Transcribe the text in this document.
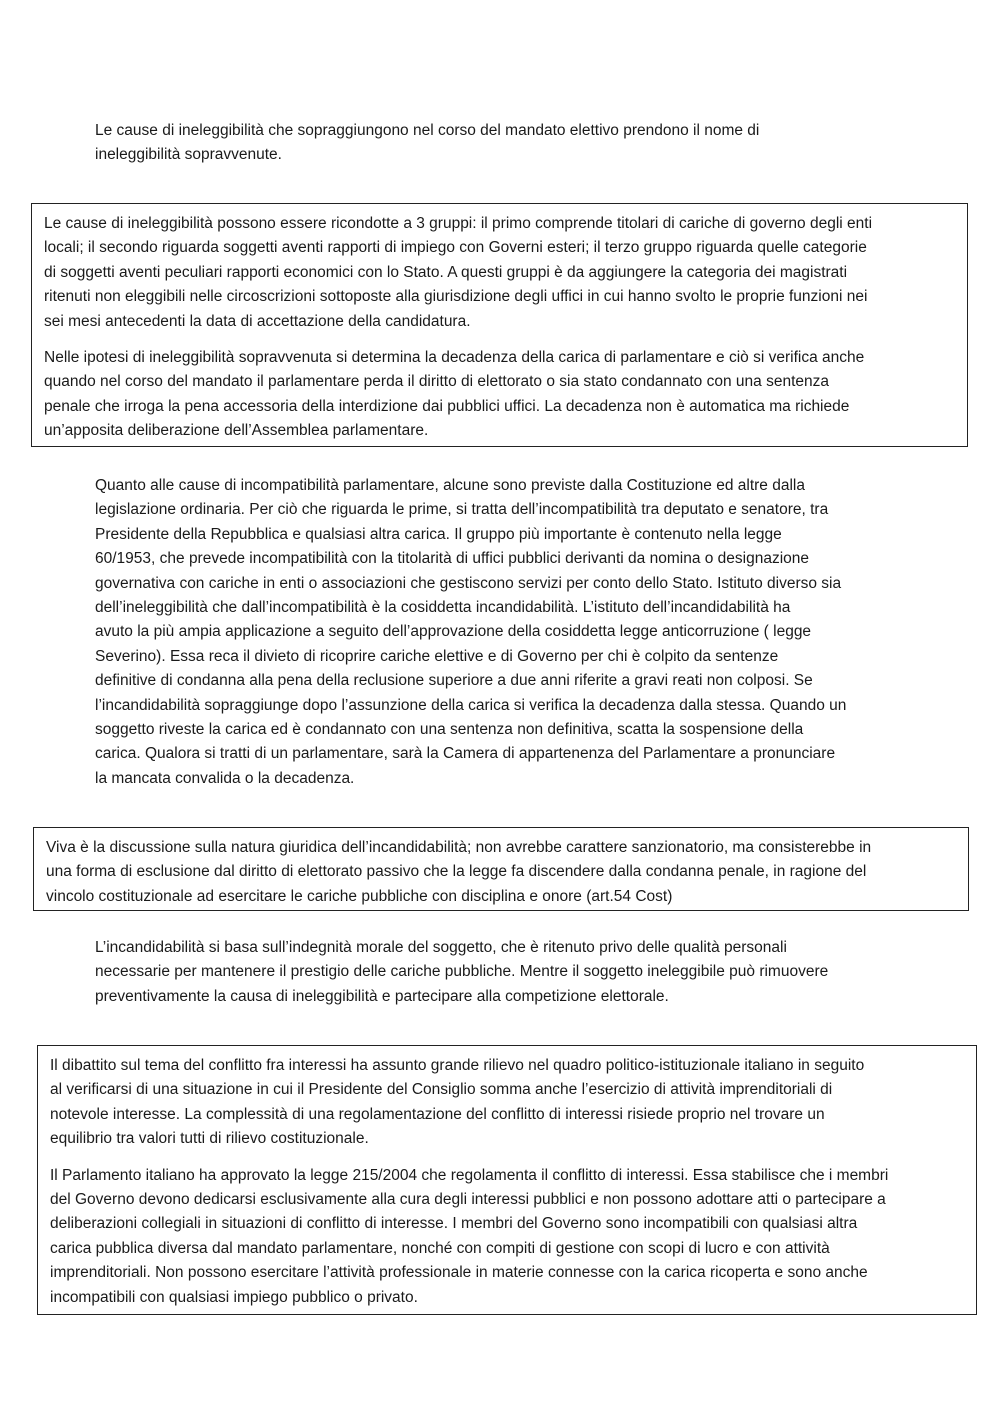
Le cause di ineleggibilità che sopraggiungono nel corso del mandato elettivo prendono il nome di
ineleggibilità sopravvenute.

Le cause di ineleggibilità possono essere ricondotte a 3 gruppi: il primo comprende titolari di cariche di governo degli enti
locali; il secondo riguarda soggetti aventi rapporti di impiego con Governi esteri; il terzo gruppo riguarda quelle categorie
di soggetti aventi peculiari rapporti economici con lo Stato. A questi gruppi è da aggiungere la categoria dei magistrati
ritenuti non eleggibili nelle circoscrizioni sottoposte alla giurisdizione degli uffici in cui hanno svolto le proprie funzioni nei
sei mesi antecedenti la data di accettazione della candidatura.

Nelle ipotesi di ineleggibilità sopravvenuta si determina la decadenza della carica di parlamentare e ciò si verifica anche
quando nel corso del mandato il parlamentare perda il diritto di elettorato o sia stato condannato con una sentenza
penale che irroga la pena accessoria della interdizione dai pubblici uffici. La decadenza non è automatica ma richiede
un’apposita deliberazione dell’Assemblea parlamentare.

Quanto alle cause di incompatibilità parlamentare, alcune sono previste dalla Costituzione ed altre dalla
legislazione ordinaria. Per ciò che riguarda le prime, si tratta dell’incompatibilità tra deputato e senatore, tra
Presidente della Repubblica e qualsiasi altra carica. Il gruppo più importante è contenuto nella legge
60/1953, che prevede incompatibilità con la titolarità di uffici pubblici derivanti da nomina o designazione
governativa con cariche in enti o associazioni che gestiscono servizi per conto dello Stato. Istituto diverso sia
dell’ineleggibilità che dall’incompatibilità è la cosiddetta incandidabilità. L’istituto dell’incandidabilità ha
avuto la più ampia applicazione a seguito dell’approvazione della cosiddetta legge anticorruzione ( legge
Severino). Essa reca il divieto di ricoprire cariche elettive e di Governo per chi è colpito da sentenze
definitive di condanna alla pena della reclusione superiore a due anni riferite a gravi reati non colposi. Se
l’incandidabilità sopraggiunge dopo l’assunzione della carica si verifica la decadenza dalla stessa. Quando un
soggetto riveste la carica ed è condannato con una sentenza non definitiva, scatta la sospensione della
carica. Qualora si tratti di un parlamentare, sarà la Camera di appartenenza del Parlamentare a pronunciare
la mancata convalida o la decadenza.

Viva è la discussione sulla natura giuridica dell’incandidabilità; non avrebbe carattere sanzionatorio, ma consisterebbe in
una forma di esclusione dal diritto di elettorato passivo che la legge fa discendere dalla condanna penale, in ragione del
vincolo costituzionale ad esercitare le cariche pubbliche con disciplina e onore (art.54 Cost)

L’incandidabilità si basa sull’indegnità morale del soggetto, che è ritenuto privo delle qualità personali
necessarie per mantenere il prestigio delle cariche pubbliche. Mentre il soggetto ineleggibile può rimuovere
preventivamente la causa di ineleggibilità e partecipare alla competizione elettorale.

Il dibattito sul tema del conflitto fra interessi ha assunto grande rilievo nel quadro politico-istituzionale italiano in seguito
al verificarsi di una situazione in cui il Presidente del Consiglio somma anche l’esercizio di attività imprenditoriali di
notevole interesse. La complessità di una regolamentazione del conflitto di interessi risiede proprio nel trovare un
equilibrio tra valori tutti di rilievo costituzionale.

Il Parlamento italiano ha approvato la legge 215/2004 che regolamenta il conflitto di interessi. Essa stabilisce che i membri
del Governo devono dedicarsi esclusivamente alla cura degli interessi pubblici e non possono adottare atti o partecipare a
deliberazioni collegiali in situazioni di conflitto di interesse. I membri del Governo sono incompatibili con qualsiasi altra
carica pubblica diversa dal mandato parlamentare, nonché con compiti di gestione con scopi di lucro e con attività
imprenditoriali. Non possono esercitare l’attività professionale in materie connesse con la carica ricoperta e sono anche
incompatibili con qualsiasi impiego pubblico o privato.
